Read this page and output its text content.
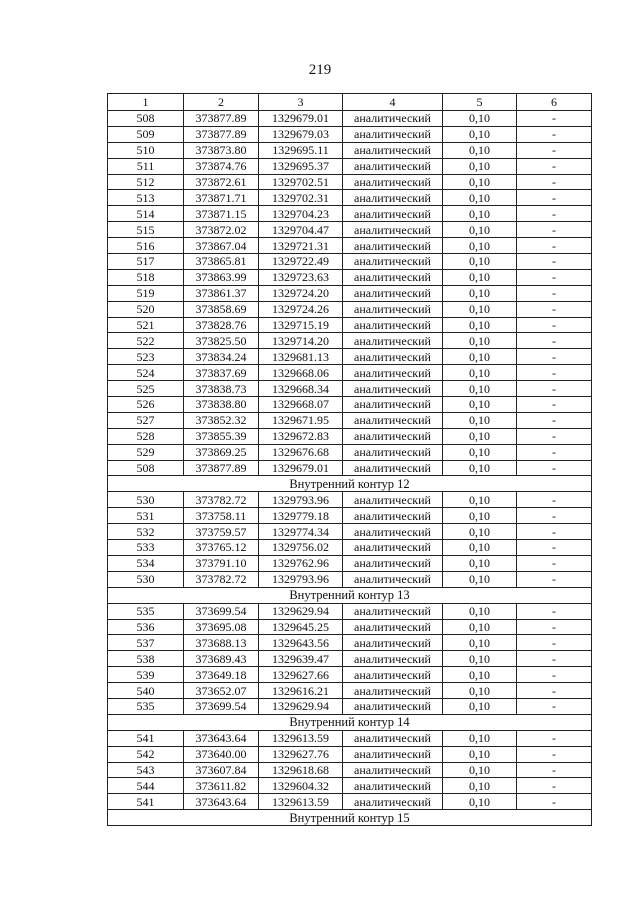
219
1	2	3	4	5	6
508	373877.89	1329679.01	аналитический	0,10	-
509	373877.89	1329679.03	аналитический	0,10	-
510	373873.80	1329695.11	аналитический	0,10	-
511	373874.76	1329695.37	аналитический	0,10	-
512	373872.61	1329702.51	аналитический	0,10	-
513	373871.71	1329702.31	аналитический	0,10	-
514	373871.15	1329704.23	аналитический	0,10	-
515	373872.02	1329704.47	аналитический	0,10	-
516	373867.04	1329721.31	аналитический	0,10	-
517	373865.81	1329722.49	аналитический	0,10	-
518	373863.99	1329723.63	аналитический	0,10	-
519	373861.37	1329724.20	аналитический	0,10	-
520	373858.69	1329724.26	аналитический	0,10	-
521	373828.76	1329715.19	аналитический	0,10	-
522	373825.50	1329714.20	аналитический	0,10	-
523	373834.24	1329681.13	аналитический	0,10	-
524	373837.69	1329668.06	аналитический	0,10	-
525	373838.73	1329668.34	аналитический	0,10	-
526	373838.80	1329668.07	аналитический	0,10	-
527	373852.32	1329671.95	аналитический	0,10	-
528	373855.39	1329672.83	аналитический	0,10	-
529	373869.25	1329676.68	аналитический	0,10	-
508	373877.89	1329679.01	аналитический	0,10	-
Внутренний контур 12					
530	373782.72	1329793.96	аналитический	0,10	-
531	373758.11	1329779.18	аналитический	0,10	-
532	373759.57	1329774.34	аналитический	0,10	-
533	373765.12	1329756.02	аналитический	0,10	-
534	373791.10	1329762.96	аналитический	0,10	-
530	373782.72	1329793.96	аналитический	0,10	-
Внутренний контур 13					
535	373699.54	1329629.94	аналитический	0,10	-
536	373695.08	1329645.25	аналитический	0,10	-
537	373688.13	1329643.56	аналитический	0,10	-
538	373689.43	1329639.47	аналитический	0,10	-
539	373649.18	1329627.66	аналитический	0,10	-
540	373652.07	1329616.21	аналитический	0,10	-
535	373699.54	1329629.94	аналитический	0,10	-
Внутренний контур 14					
541	373643.64	1329613.59	аналитический	0,10	-
542	373640.00	1329627.76	аналитический	0,10	-
543	373607.84	1329618.68	аналитический	0,10	-
544	373611.82	1329604.32	аналитический	0,10	-
541	373643.64	1329613.59	аналитический	0,10	-
Внутренний контур 15					
